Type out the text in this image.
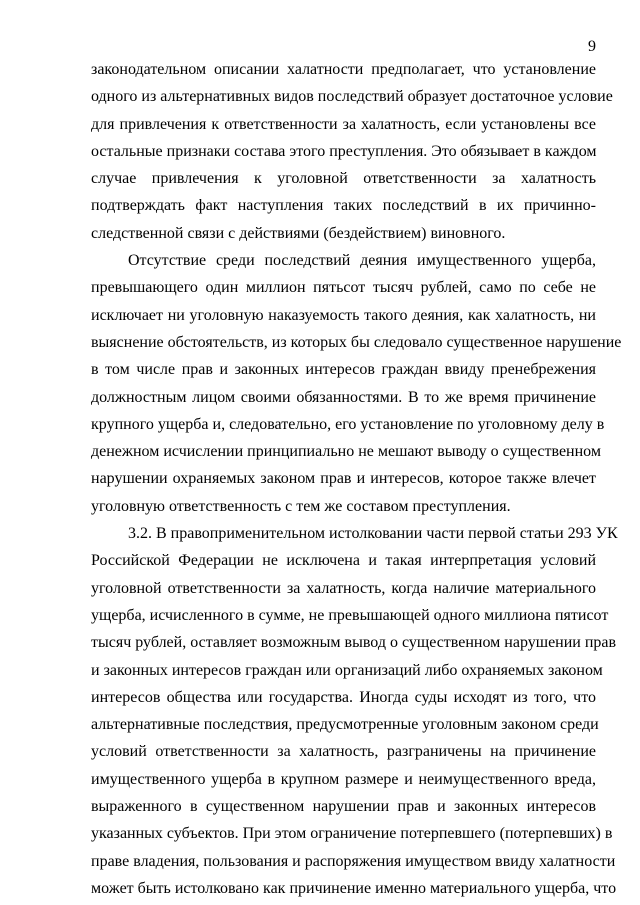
9

законодательном описании халатности предполагает, что установление
одного из альтернативных видов последствий образует достаточное условие
для привлечения к ответственности за халатность, если установлены все
остальные признаки состава этого преступления. Это обязывает в каждом
случае привлечения к уголовной ответственности за халатность
подтверждать факт наступления таких последствий в их причинно-
следственной связи с действиями (бездействием) виновного.

Отсутствие среди последствий деяния имущественного ущерба,
превышающего один миллион пятьсот тысяч рублей, само по себе не
исключает ни уголовную наказуемость такого деяния, как халатность, ни
выяснение обстоятельств, из которых бы следовало существенное нарушение
в том числе прав и законных интересов граждан ввиду пренебрежения
должностным лицом своими обязанностями. В то же время причинение
крупного ущерба и, следовательно, его установление по уголовному делу в
денежном исчислении принципиально не мешают выводу о существенном
нарушении охраняемых законом прав и интересов, которое также влечет
уголовную ответственность с тем же составом преступления.

3.2. В правоприменительном истолковании части первой статьи 293 УК
Российской Федерации не исключена и такая интерпретация условий
уголовной ответственности за халатность, когда наличие материального
ущерба, исчисленного в сумме, не превышающей одного миллиона пятисот
тысяч рублей, оставляет возможным вывод о существенном нарушении прав
и законных интересов граждан или организаций либо охраняемых законом
интересов общества или государства. Иногда суды исходят из того, что
альтернативные последствия, предусмотренные уголовным законом среди
условий ответственности за халатность, разграничены на причинение
имущественного ущерба в крупном размере и неимущественного вреда,
выраженного в существенном нарушении прав и законных интересов
указанных субъектов. При этом ограничение потерпевшего (потерпевших) в
праве владения, пользования и распоряжения имуществом ввиду халатности
может быть истолковано как причинение именно материального ущерба, что
